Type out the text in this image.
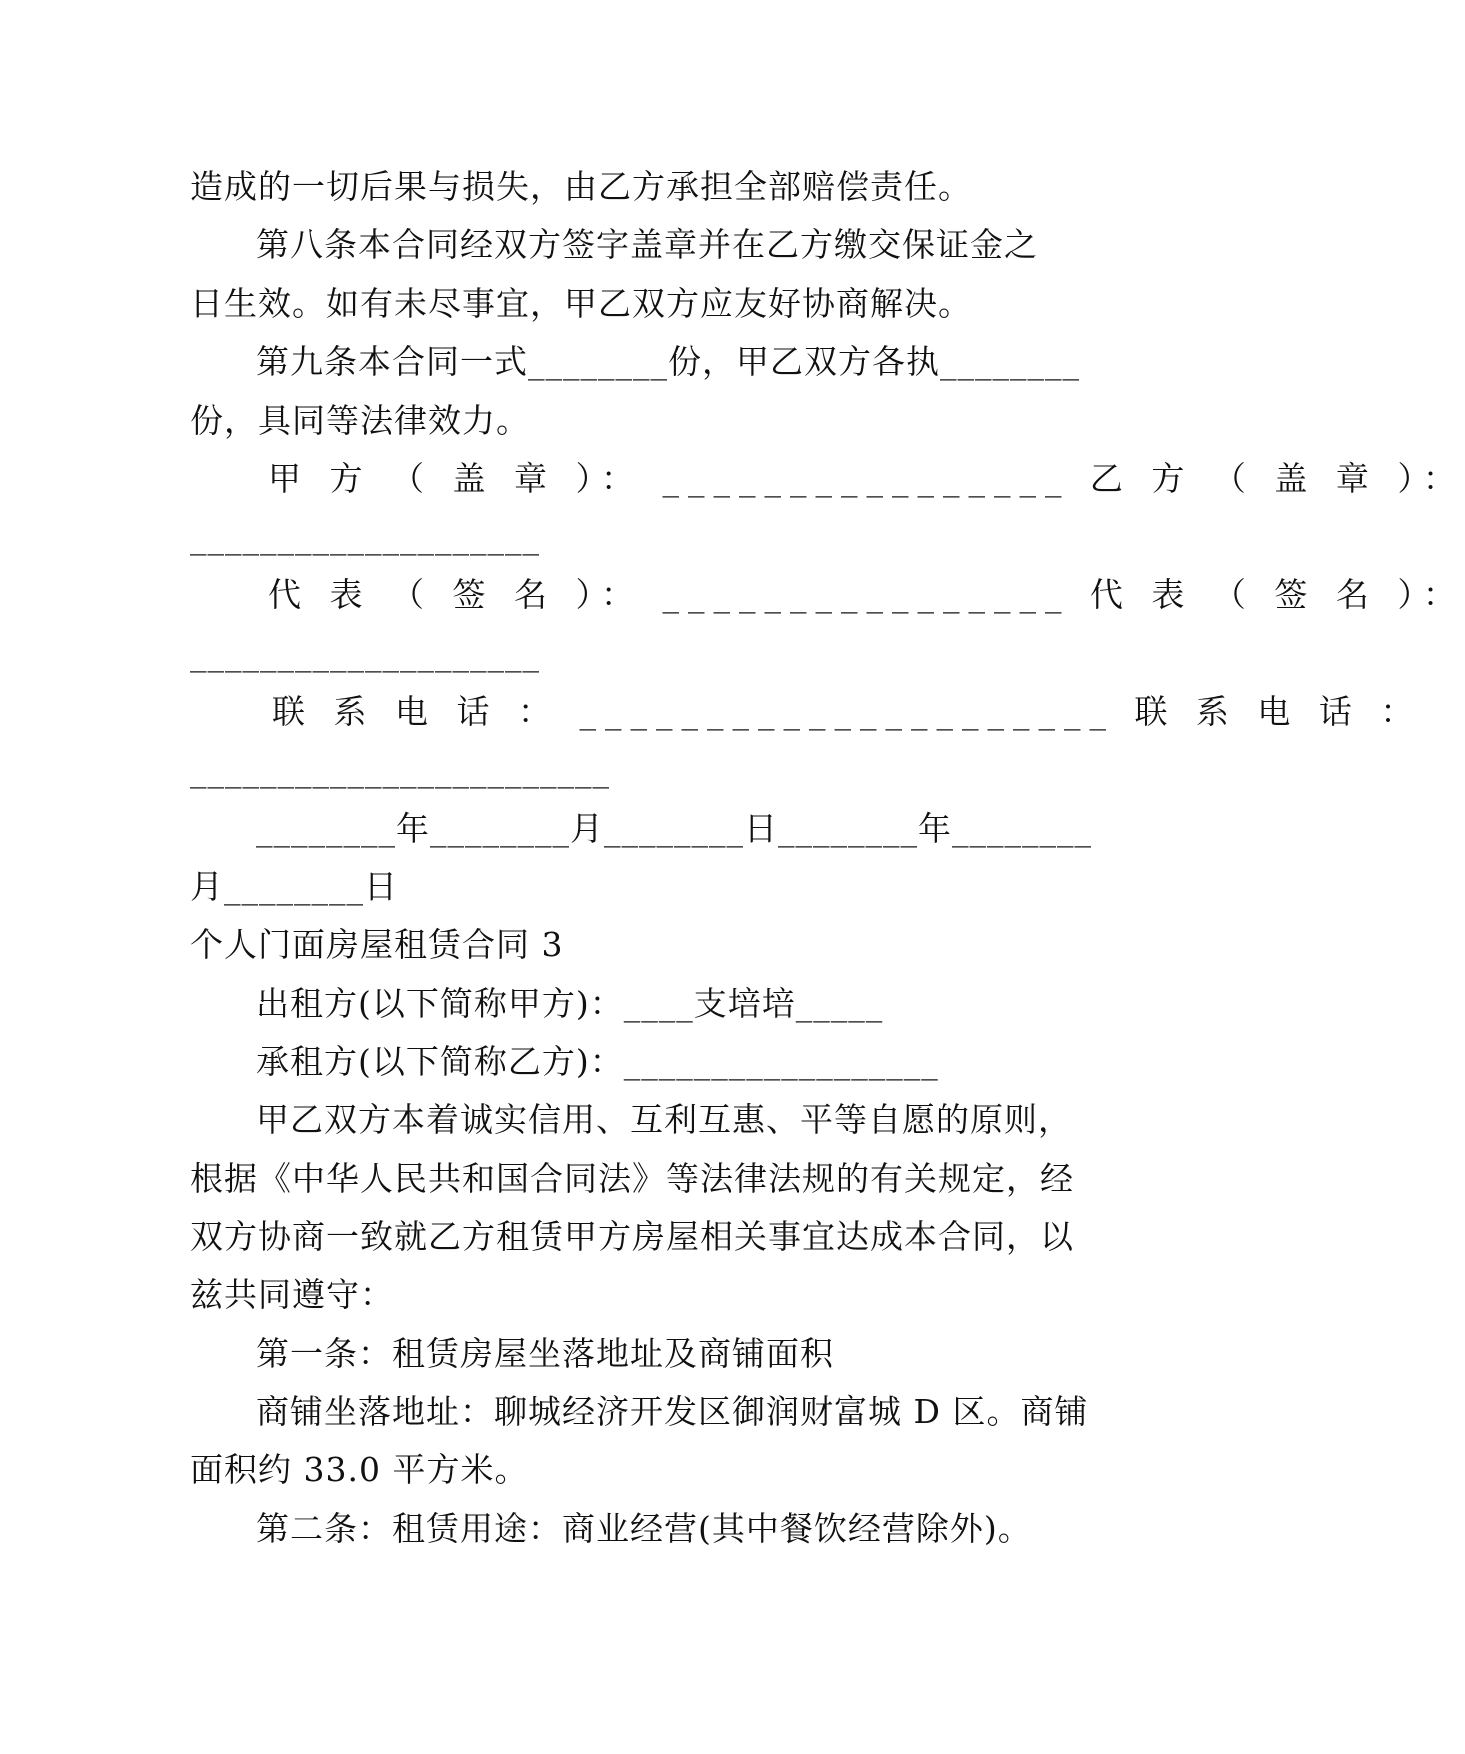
造成的一切后果与损失，由乙方承担全部赔偿责任。
第八条本合同经双方签字盖章并在乙方缴交保证金之
日生效。如有未尽事宜，甲乙双方应友好协商解决。
第九条本合同一式________份，甲乙双方各执________
份，具同等法律效力。
甲 方 （ 盖 章 ）： ________________ 乙 方 （ 盖 章 ）：
____________________
代 表 （ 签 名 ）： ________________ 代 表 （ 签 名 ）：
____________________
联 系 电 话 ： _____________________ 联 系 电 话 ：
________________________
________年________月________日________年________
月________日
个人门面房屋租赁合同 3
出租方(以下简称甲方)：____支培培_____
承租方(以下简称乙方)：__________________
甲乙双方本着诚实信用、互利互惠、平等自愿的原则，
根据《中华人民共和国合同法》等法律法规的有关规定，经
双方协商一致就乙方租赁甲方房屋相关事宜达成本合同，以
兹共同遵守：
第一条：租赁房屋坐落地址及商铺面积
商铺坐落地址：聊城经济开发区御润财富城 D 区。商铺
面积约 33.0 平方米。
第二条：租赁用途：商业经营(其中餐饮经营除外)。
